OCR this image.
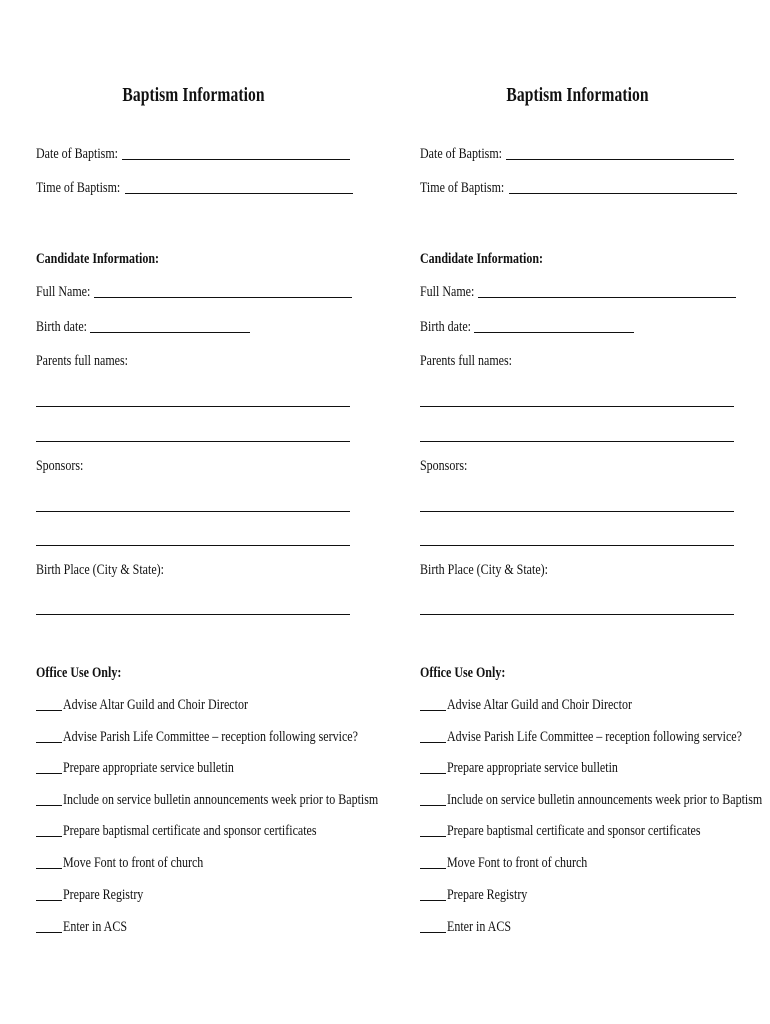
Baptism Information
Date of Baptism:
Time of Baptism:
Candidate Information:
Full Name:
Birth date:
Parents full names:
Sponsors:
Birth Place (City & State):
Office Use Only:
Advise Altar Guild and Choir Director
Advise Parish Life Committee – reception following service?
Prepare appropriate service bulletin
Include on service bulletin announcements week prior to Baptism
Prepare baptismal certificate and sponsor certificates
Move Font to front of church
Prepare Registry
Enter in ACS
Baptism Information
Date of Baptism:
Time of Baptism:
Candidate Information:
Full Name:
Birth date:
Parents full names:
Sponsors:
Birth Place (City & State):
Office Use Only:
Advise Altar Guild and Choir Director
Advise Parish Life Committee – reception following service?
Prepare appropriate service bulletin
Include on service bulletin announcements week prior to Baptism
Prepare baptismal certificate and sponsor certificates
Move Font to front of church
Prepare Registry
Enter in ACS
